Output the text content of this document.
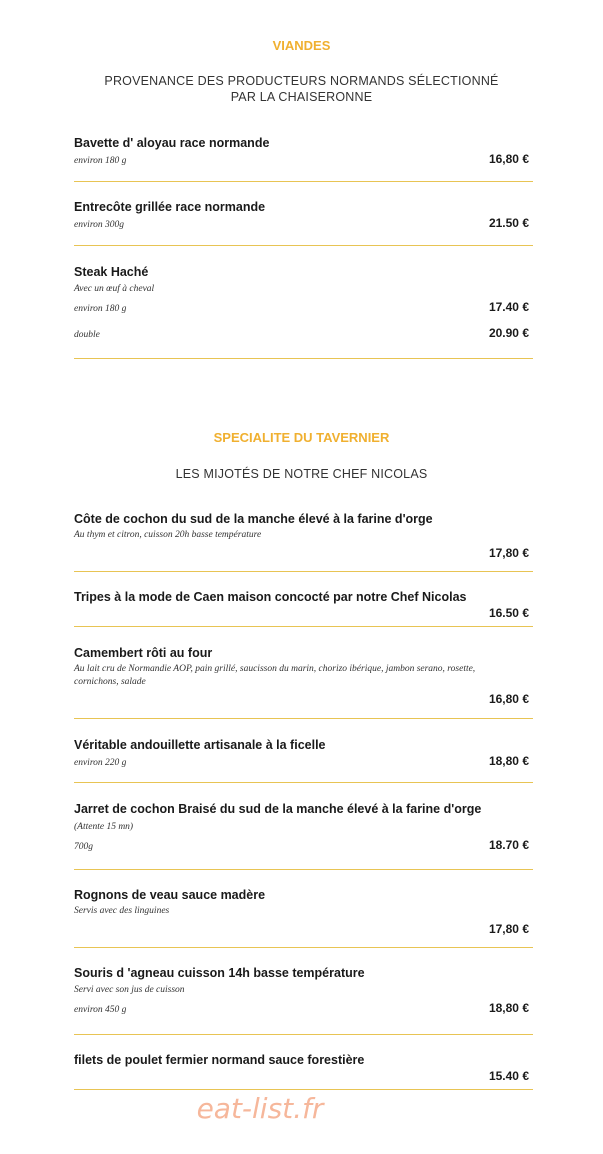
VIANDES
PROVENANCE DES PRODUCTEURS NORMANDS SÉLECTIONNÉ
PAR LA CHAISERONNE
Bavette d' aloyau race normande
environ 180 g	16,80 €
Entrecôte grillée race normande
environ 300g	21.50 €
Steak Haché
Avec un œuf à cheval
environ 180 g	17.40 €
double	20.90 €
SPECIALITE DU TAVERNIER
LES MIJOTÉS DE NOTRE CHEF NICOLAS
Côte de cochon du sud de la manche élevé à la farine d'orge
Au thym et citron, cuisson 20h basse température
17,80 €
Tripes à la mode de Caen maison concocté par notre Chef Nicolas
16.50 €
Camembert rôti au four
Au lait cru de Normandie AOP, pain grillé, saucisson du marin, chorizo ibérique, jambon serano, rosette,
cornichons, salade
16,80 €
Véritable andouillette artisanale à la ficelle
environ 220 g	18,80 €
Jarret de cochon Braisé du sud de la manche élevé à la farine d'orge
(Attente 15 mn)
700g	18.70 €
Rognons de veau sauce madère
Servis avec des linguines
17,80 €
Souris d 'agneau cuisson 14h basse température
Servi avec son jus de cuisson
environ 450 g	18,80 €
filets de poulet fermier normand sauce forestière
15.40 €
eat-list.fr
